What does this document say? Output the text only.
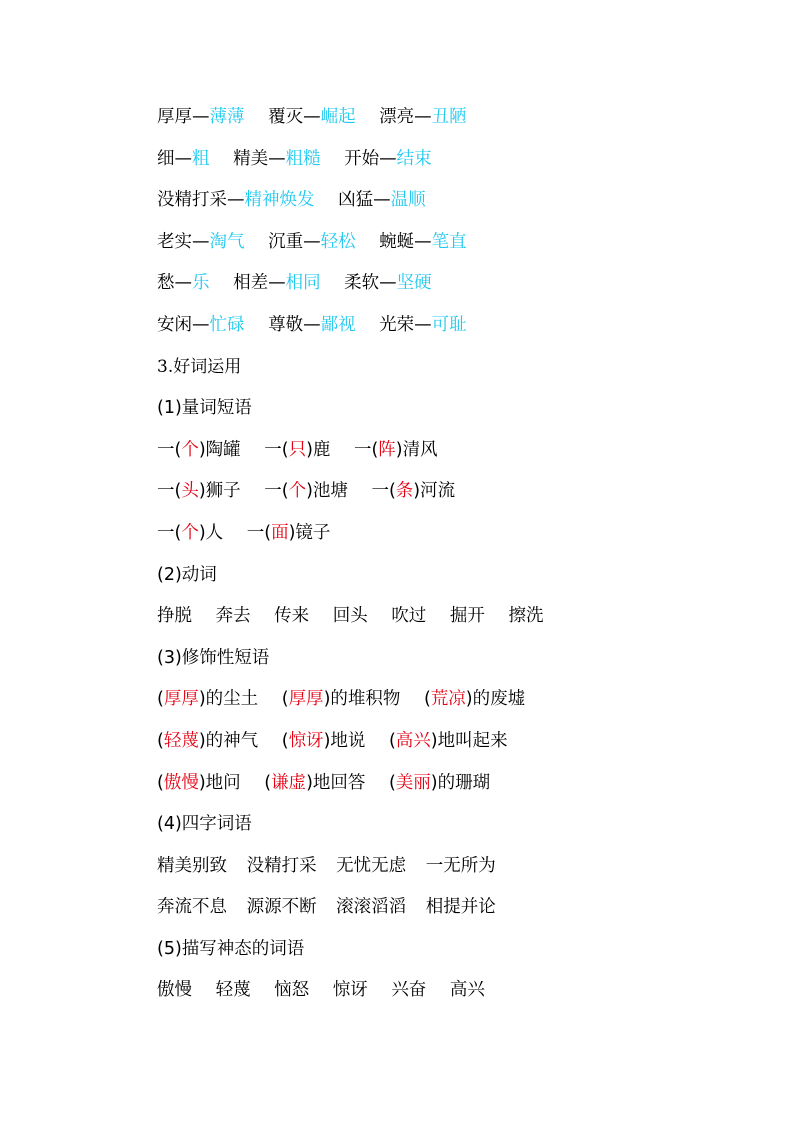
厚厚—薄薄 覆灭—崛起 漂亮—丑陋
细—粗 精美—粗糙 开始—结束
没精打采—精神焕发 凶猛—温顺
老实—淘气 沉重—轻松 蜿蜒—笔直
愁—乐 相差—相同 柔软—坚硬
安闲—忙碌 尊敬—鄙视 光荣—可耻
3.好词运用
(1)量词短语
一(个)陶罐 一(只)鹿 一(阵)清风
一(头)狮子 一(个)池塘 一(条)河流
一(个)人 一(面)镜子
(2)动词
挣脱 奔去 传来 回头 吹过 掘开 擦洗
(3)修饰性短语
(厚厚)的尘土 (厚厚)的堆积物 (荒凉)的废墟
(轻蔑)的神气 (惊讶)地说 (高兴)地叫起来
(傲慢)地问 (谦虚)地回答 (美丽)的珊瑚
(4)四字词语
精美别致 没精打采 无忧无虑 一无所为
奔流不息 源源不断 滚滚滔滔 相提并论
(5)描写神态的词语
傲慢 轻蔑 恼怒 惊讶 兴奋 高兴
